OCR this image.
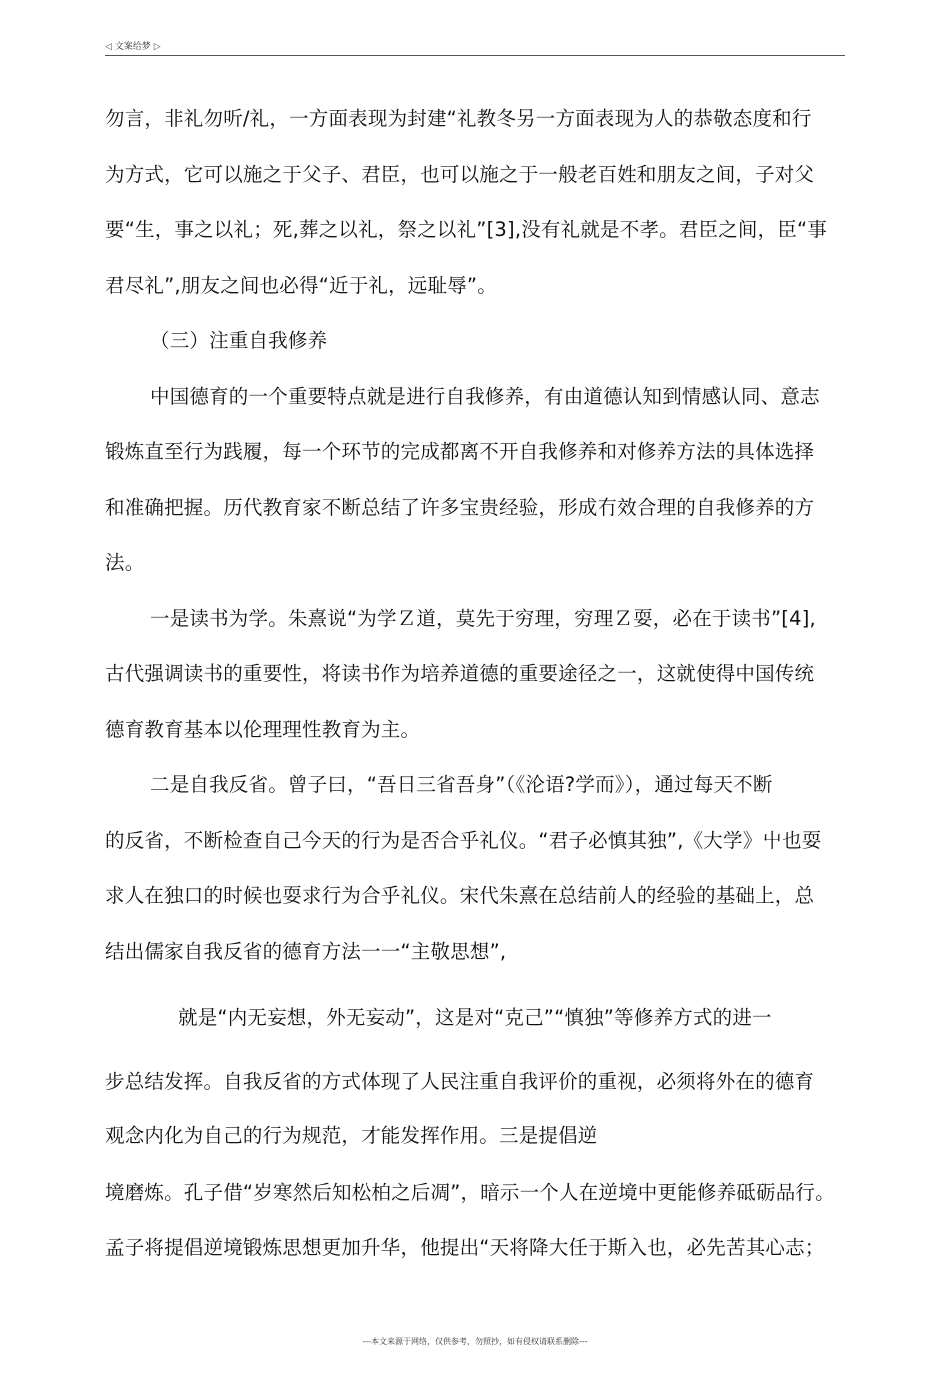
◁ 文案给梦 ▷
勿言，非礼勿听/礼，一方面表现为封建“礼教冬另一方面表现为人的恭敬态度和行
为方式，它可以施之于父子、君臣，也可以施之于一般老百姓和朋友之间，子对父
要“生，事之以礼；死,葬之以礼，祭之以礼”[3],没有礼就是不孝。君臣之间，臣“事
君尽礼”,朋友之间也必得“近于礼，远耻辱”。
（三）注重自我修养
中国德育的一个重要特点就是进行自我修养，有由道德认知到情感认同、意志
锻炼直至行为践履，每一个环节的完成都离不开自我修养和对修养方法的具体选择
和准确把握。历代教育家不断总结了许多宝贵经验，形成冇效合理的自我修养的方
法。
一是读书为学。朱熹说“为学Ｚ道，莫先于穷理，穷理Ｚ耍，必在于读书”[4],
古代强调读书的重要性，将读书作为培养道德的重要途径之一，这就使得中国传统
德育教育基本以伦理理性教育为主。
二是自我反省。曾子曰，“吾日三省吾身”（《沦语?学而》），通过每天不断
的反省，不断检查自己今天的行为是否合乎礼仪。“君子必慎其独”,《大学》屮也耍
求人在独口的时候也耍求行为合乎礼仪。宋代朱熹在总结前人的经验的基础上，总
结出儒家自我反省的德育方法一一“主敬思想”,
就是“内无妄想，外无妄动”，这是对“克己”“慎独”等修养方式的进一
步总结发挥。自我反省的方式体现了人民注重自我评价的重视，必须将外在的德育
观念内化为自己的行为规范，才能发挥作用。三是提倡逆
境磨炼。孔子借“岁寒然后知松柏之后凋”，暗示一个人在逆境中更能修养砥砺品行。
孟子将提倡逆境锻炼思想更加升华，他提出“天将降大任于斯入也，必先苦其心志；
---本文来源于网络，仅供参考，勿照抄，如有侵权请联系删除---
